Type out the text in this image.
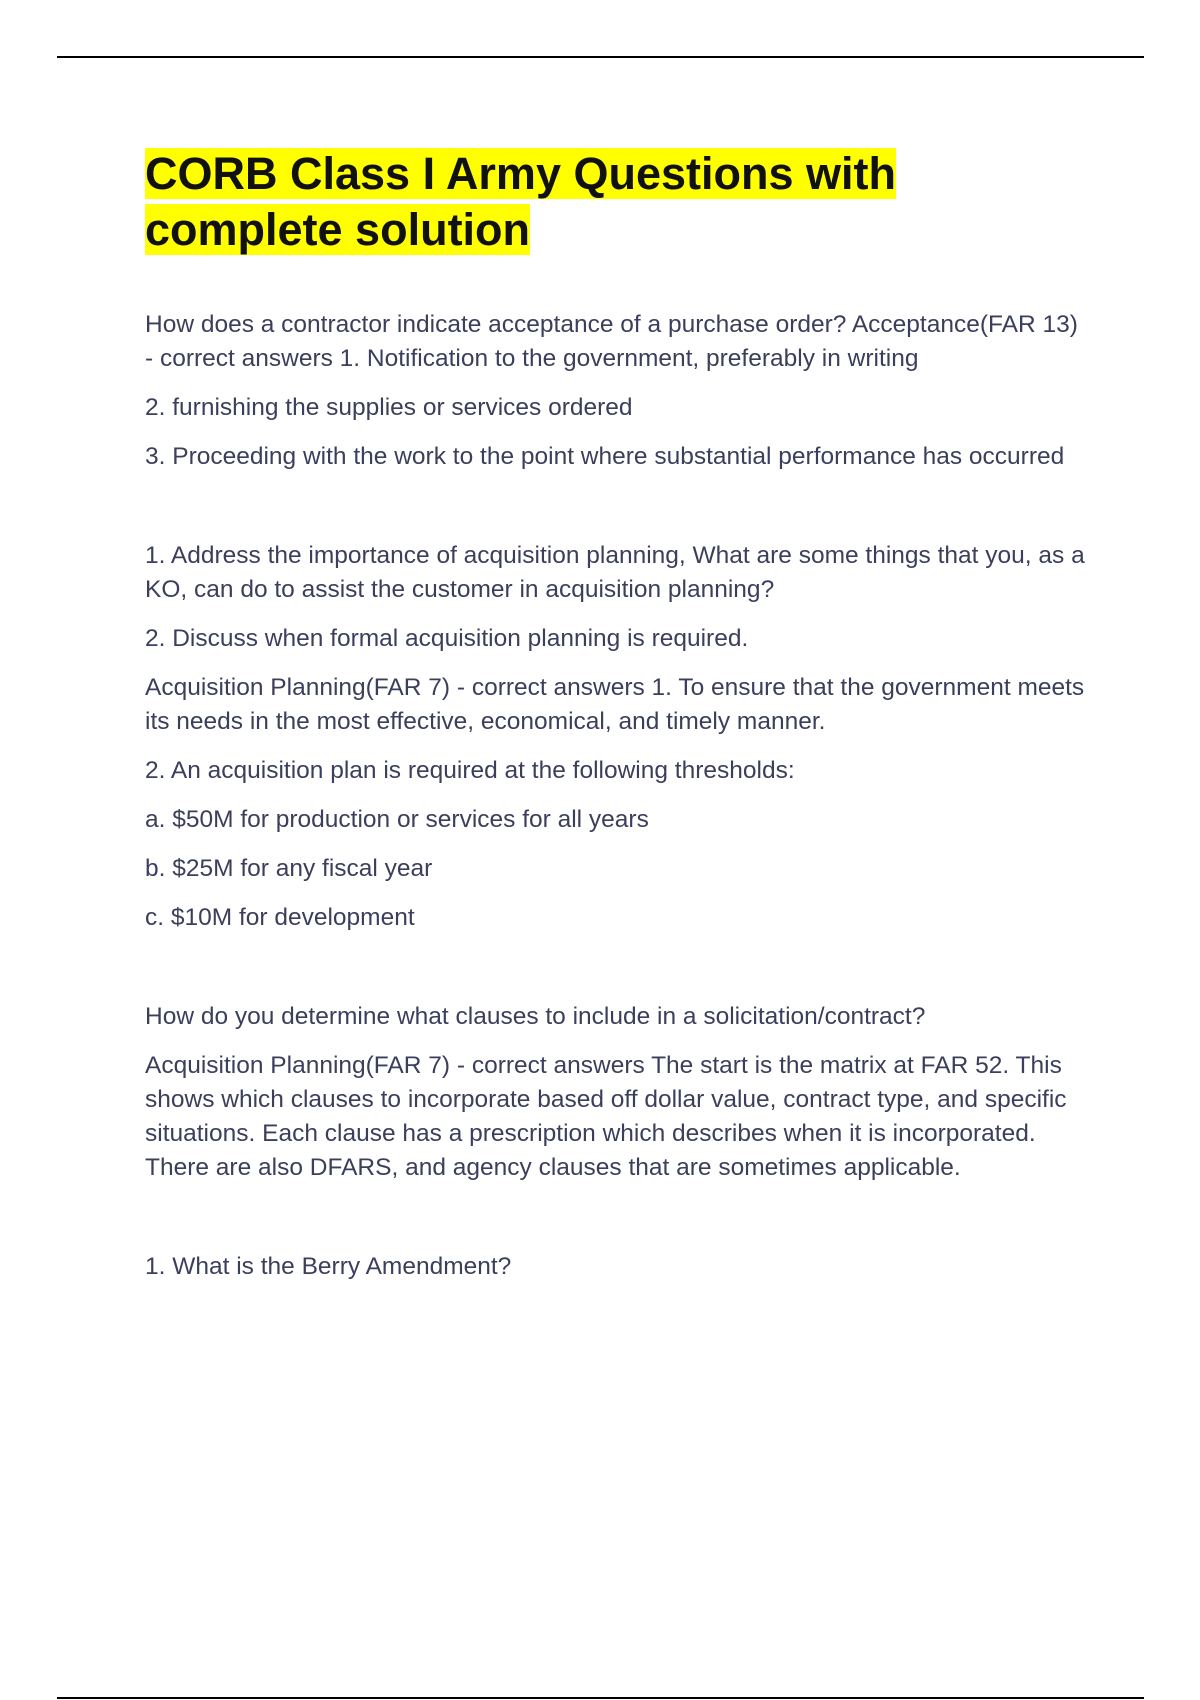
CORB Class I Army Questions with complete solution

How does a contractor indicate acceptance of a purchase order? Acceptance(FAR 13) - correct answers 1. Notification to the government, preferably in writing

2. furnishing the supplies or services ordered

3. Proceeding with the work to the point where substantial performance has occurred

1. Address the importance of acquisition planning, What are some things that you, as a KO, can do to assist the customer in acquisition planning?

2. Discuss when formal acquisition planning is required.

Acquisition Planning(FAR 7) - correct answers 1. To ensure that the government meets its needs in the most effective, economical, and timely manner.

2. An acquisition plan is required at the following thresholds:

a. $50M for production or services for all years

b. $25M for any fiscal year

c. $10M for development

How do you determine what clauses to include in a solicitation/contract?

Acquisition Planning(FAR 7) - correct answers The start is the matrix at FAR 52. This shows which clauses to incorporate based off dollar value, contract type, and specific situations. Each clause has a prescription which describes when it is incorporated. There are also DFARS, and agency clauses that are sometimes applicable.

1. What is the Berry Amendment?
